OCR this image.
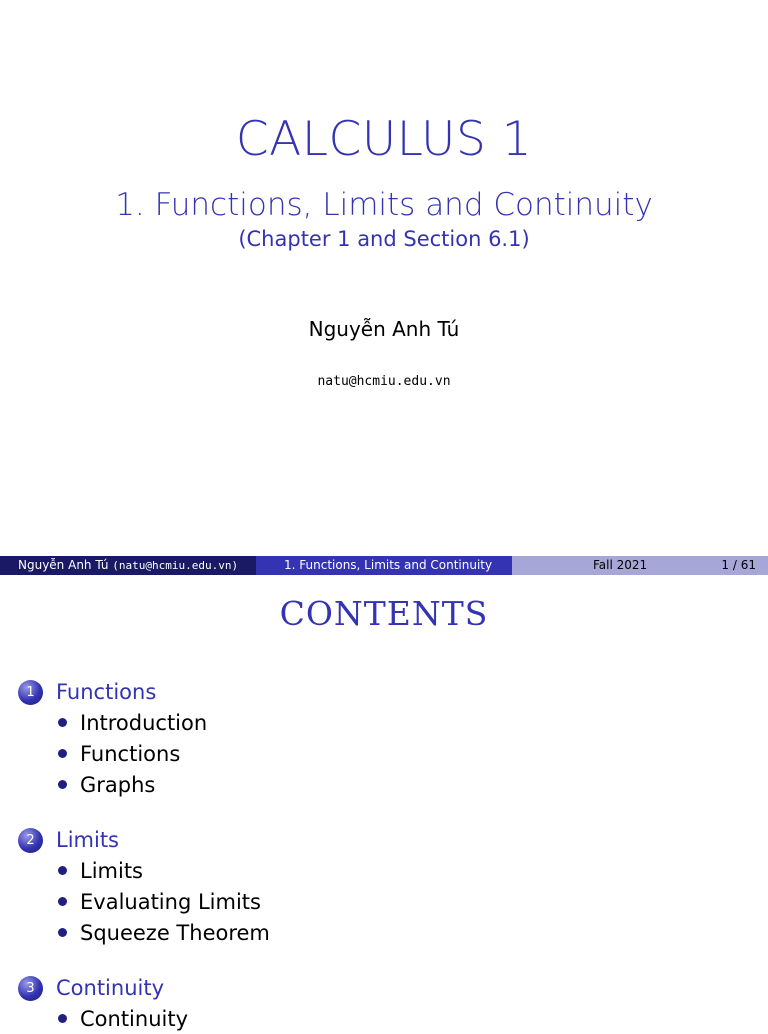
CALCULUS 1
1. Functions, Limits and Continuity
(Chapter 1 and Section 6.1)
Nguyễn Anh Tú
natu@hcmiu.edu.vn
Nguyễn Anh Tú (natu@hcmiu.edu.vn)	1. Functions, Limits and Continuity	Fall 2021	1 / 61
CONTENTS
1	Functions
Introduction
Functions
Graphs
2	Limits
Limits
Evaluating Limits
Squeeze Theorem
3	Continuity
Continuity
